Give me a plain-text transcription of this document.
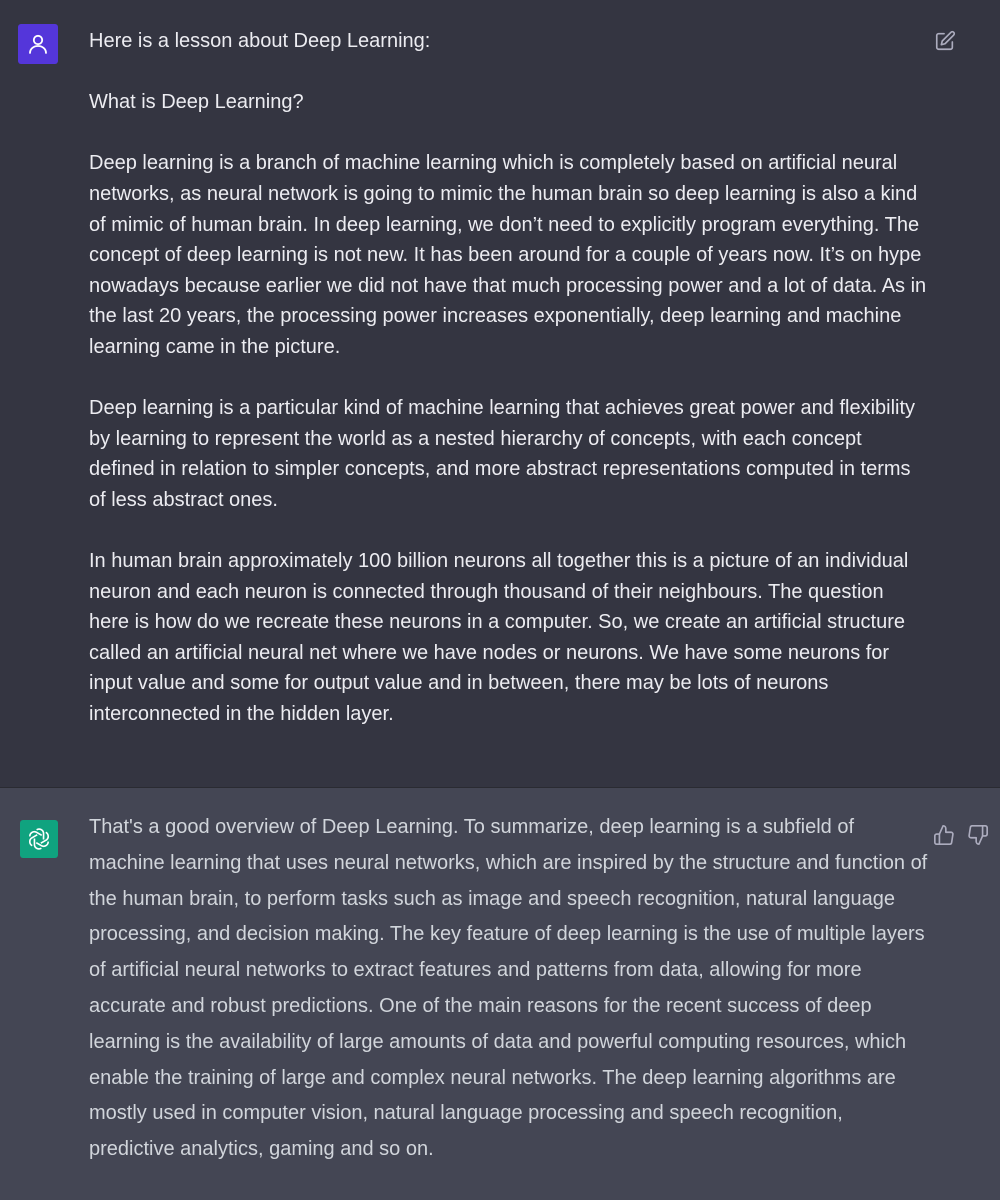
Here is a lesson about Deep Learning:

What is Deep Learning?

Deep learning is a branch of machine learning which is completely based on artificial neural networks, as neural network is going to mimic the human brain so deep learning is also a kind of mimic of human brain. In deep learning, we don’t need to explicitly program everything. The concept of deep learning is not new. It has been around for a couple of years now. It’s on hype nowadays because earlier we did not have that much processing power and a lot of data. As in the last 20 years, the processing power increases exponentially, deep learning and machine learning came in the picture.

Deep learning is a particular kind of machine learning that achieves great power and flexibility by learning to represent the world as a nested hierarchy of concepts, with each concept defined in relation to simpler concepts, and more abstract representations computed in terms of less abstract ones.

In human brain approximately 100 billion neurons all together this is a picture of an individual neuron and each neuron is connected through thousand of their neighbours. The question here is how do we recreate these neurons in a computer. So, we create an artificial structure called an artificial neural net where we have nodes or neurons. We have some neurons for input value and some for output value and in between, there may be lots of neurons interconnected in the hidden layer.

That's a good overview of Deep Learning. To summarize, deep learning is a subfield of machine learning that uses neural networks, which are inspired by the structure and function of the human brain, to perform tasks such as image and speech recognition, natural language processing, and decision making. The key feature of deep learning is the use of multiple layers of artificial neural networks to extract features and patterns from data, allowing for more accurate and robust predictions. One of the main reasons for the recent success of deep learning is the availability of large amounts of data and powerful computing resources, which enable the training of large and complex neural networks. The deep learning algorithms are mostly used in computer vision, natural language processing and speech recognition, predictive analytics, gaming and so on.
